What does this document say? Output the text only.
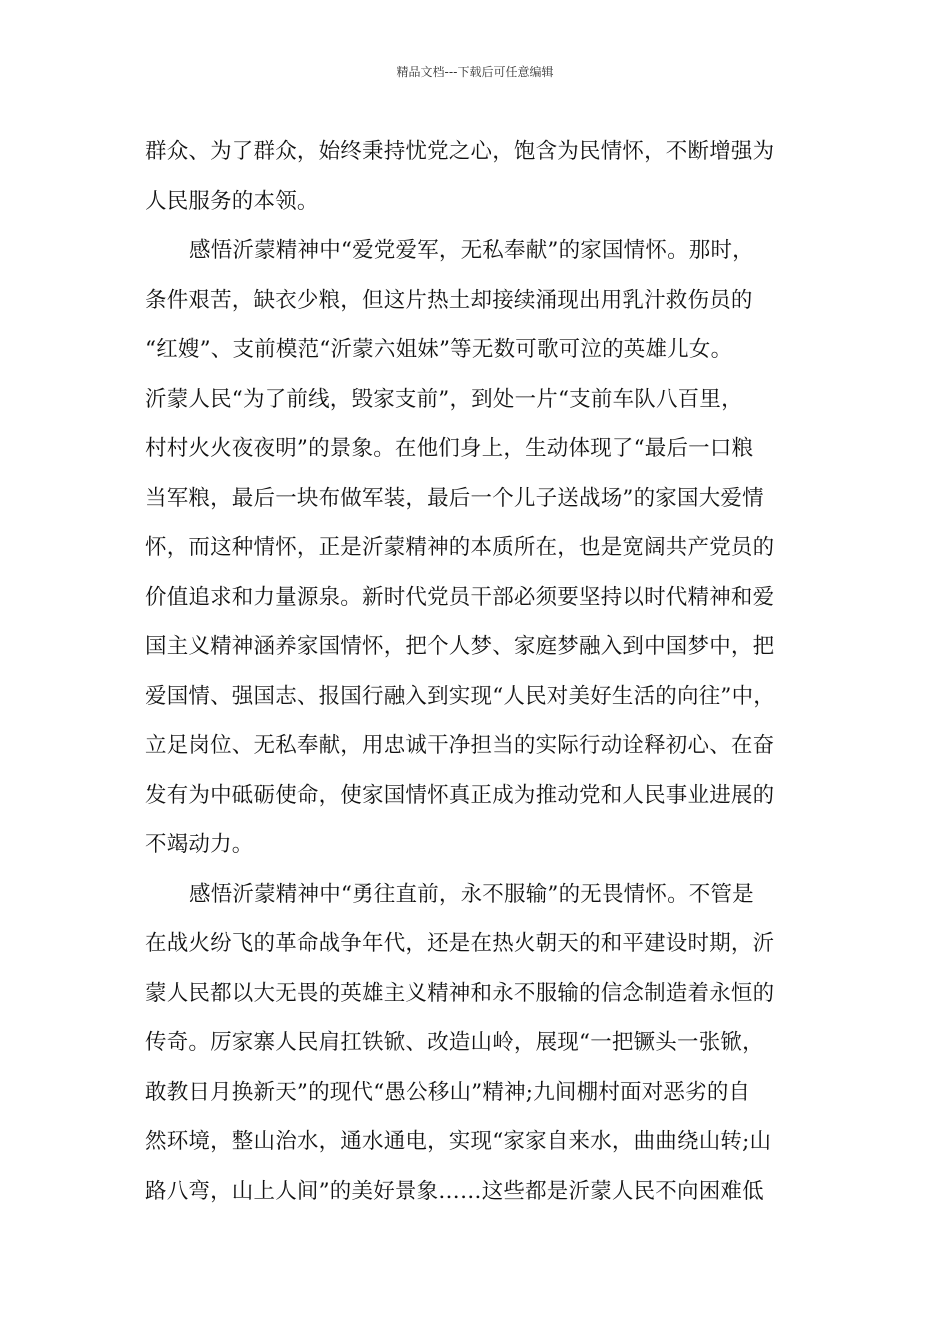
精品文档---下载后可任意编辑
群众、为了群众，始终秉持忧党之心，饱含为民情怀，不断增强为
人民服务的本领。
感悟沂蒙精神中“爱党爱军，无私奉献”的家国情怀。那时，
条件艰苦，缺衣少粮，但这片热土却接续涌现出用乳汁救伤员的
“红嫂”、支前模范“沂蒙六姐妹”等无数可歌可泣的英雄儿女。
沂蒙人民“为了前线，毁家支前”，到处一片“支前车队八百里，
村村火火夜夜明”的景象。在他们身上，生动体现了“最后一口粮
当军粮，最后一块布做军装，最后一个儿子送战场”的家国大爱情
怀，而这种情怀，正是沂蒙精神的本质所在，也是宽阔共产党员的
价值追求和力量源泉。新时代党员干部必须要坚持以时代精神和爱
国主义精神涵养家国情怀，把个人梦、家庭梦融入到中国梦中，把
爱国情、强国志、报国行融入到实现“人民对美好生活的向往”中，
立足岗位、无私奉献，用忠诚干净担当的实际行动诠释初心、在奋
发有为中砥砺使命，使家国情怀真正成为推动党和人民事业进展的
不竭动力。
感悟沂蒙精神中“勇往直前，永不服输”的无畏情怀。不管是
在战火纷飞的革命战争年代，还是在热火朝天的和平建设时期，沂
蒙人民都以大无畏的英雄主义精神和永不服输的信念制造着永恒的
传奇。厉家寨人民肩扛铁锨、改造山岭，展现“一把镢头一张锨，
敢教日月换新天”的现代“愚公移山”精神;九间棚村面对恶劣的自
然环境，整山治水，通水通电，实现“家家自来水，曲曲绕山转;山
路八弯，山上人间”的美好景象……这些都是沂蒙人民不向困难低
